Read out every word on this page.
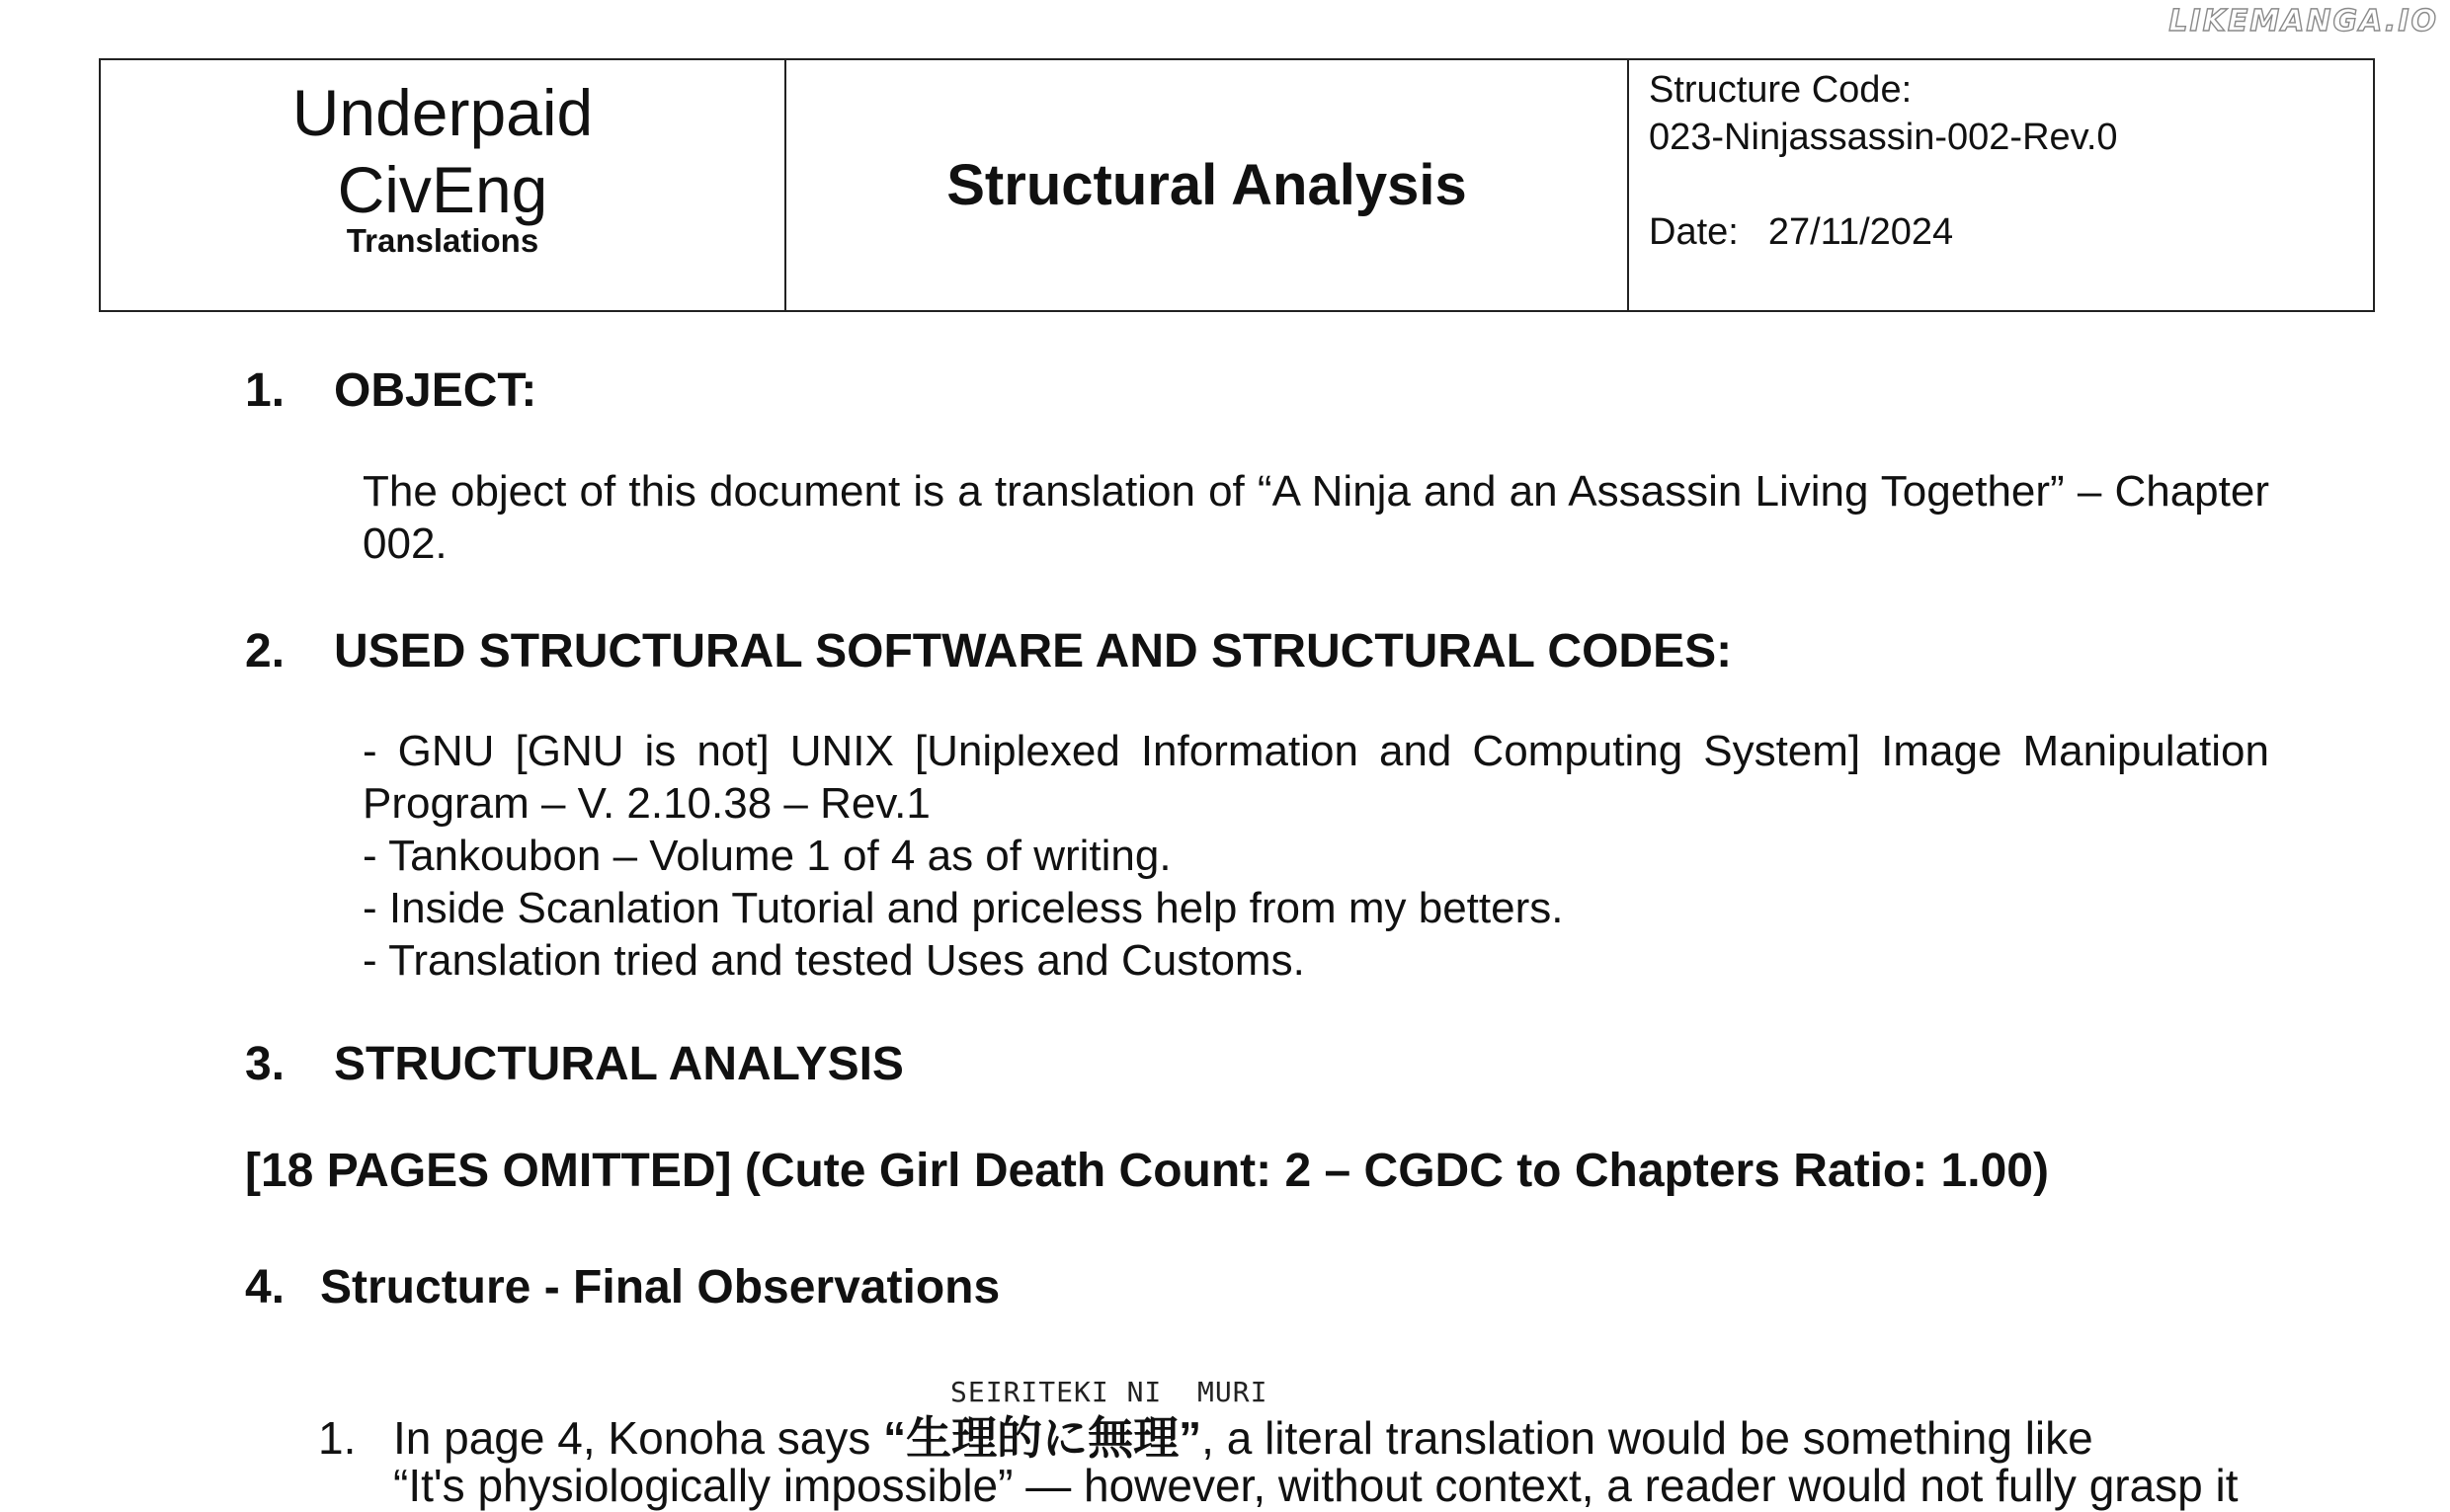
LIKEMANGA.IO
Underpaid
CivEng
Translations
Structural Analysis
Structure Code:
023-Ninjassassin-002-Rev.0
Date: 27/11/2024
1. OBJECT:
The object of this document is a translation of “A Ninja and an Assassin Living Together” – Chapter 002.
2. USED STRUCTURAL SOFTWARE AND STRUCTURAL CODES:
- GNU [GNU is not] UNIX [Uniplexed Information and Computing System] Image Manipulation Program – V. 2.10.38 – Rev.1
- Tankoubon – Volume 1 of 4 as of writing.
- Inside Scanlation Tutorial and priceless help from my betters.
- Translation tried and tested Uses and Customs.
3. STRUCTURAL ANALYSIS
[18 PAGES OMITTED] (Cute Girl Death Count: 2 – CGDC to Chapters Ratio: 1.00)
4. Structure - Final Observations
SEIRITEKI NI  MURI
1. In page 4, Konoha says “生理的に無理”, a literal translation would be something like
“It's physiologically impossible” — however, without context, a reader would not fully grasp it
